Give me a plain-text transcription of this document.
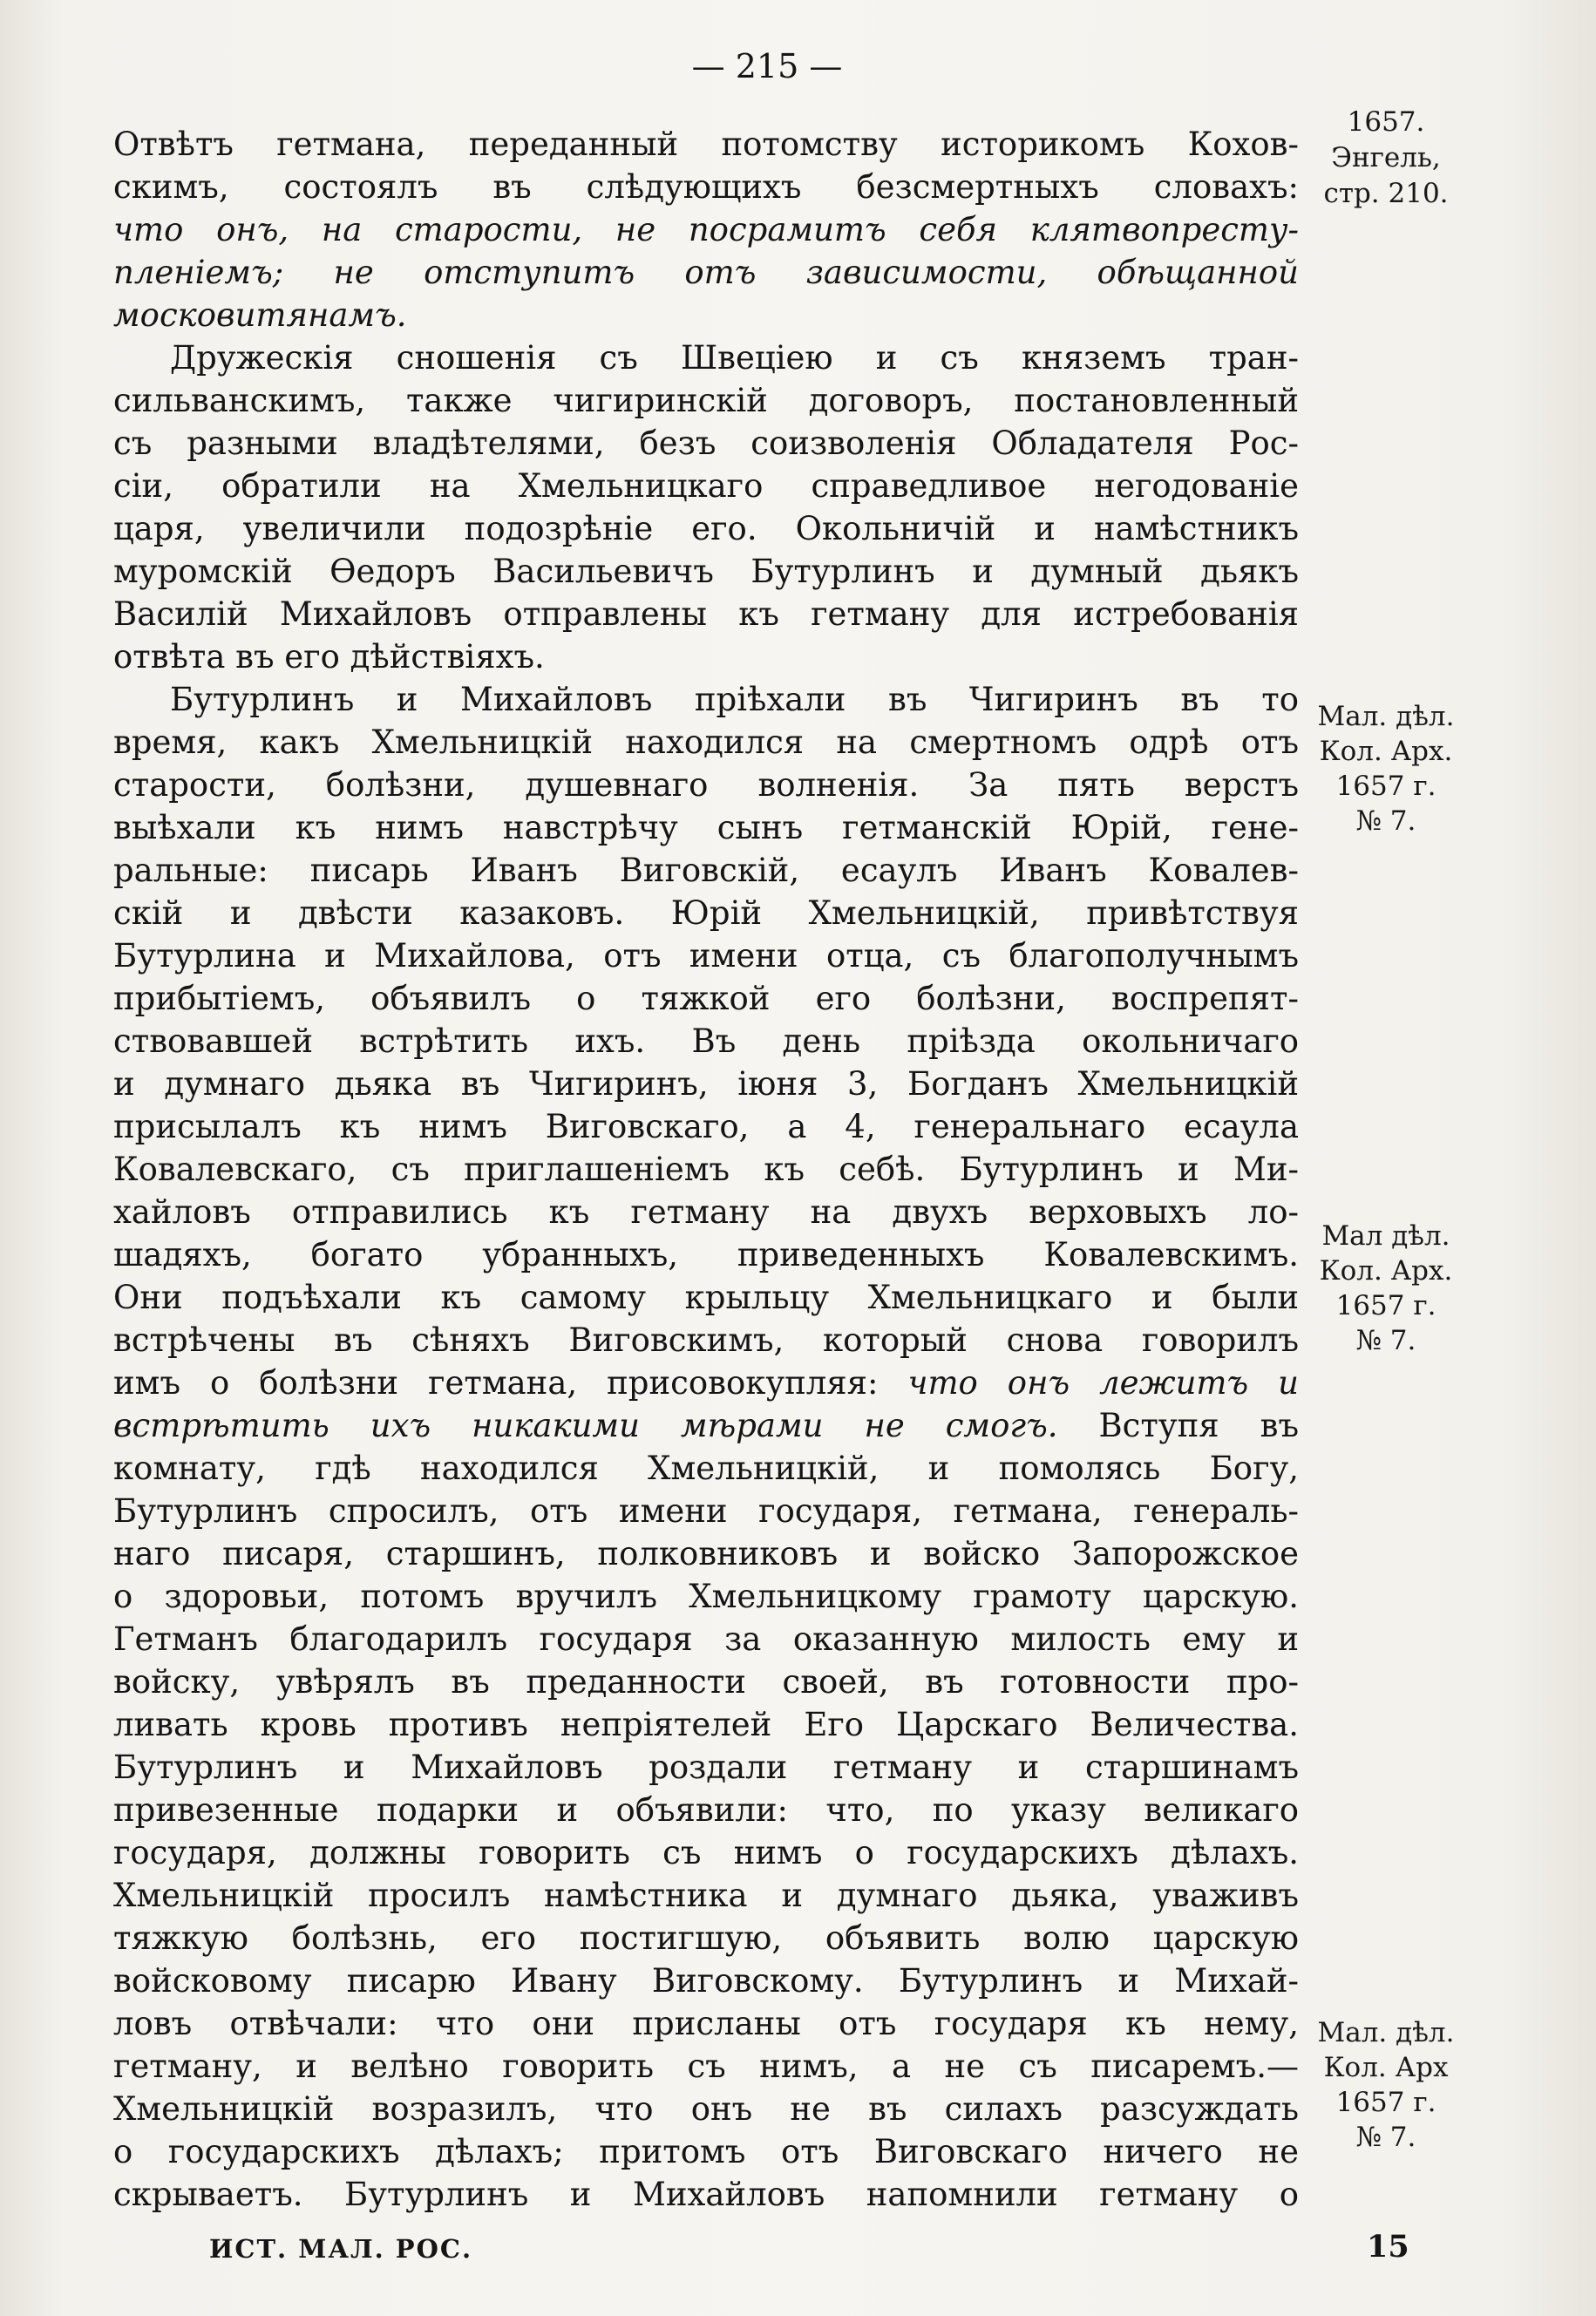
— 215 —
Отвѣтъ гетмана, переданный потомству историкомъ Кохов-
скимъ, состоялъ въ слѣдующихъ безсмертныхъ словахъ:
что онъ, на старости, не посрамитъ себя клятвопресту-
пленіемъ; не отступитъ отъ зависимости, обѣщанной
московитянамъ.
Дружескія сношенія съ Швеціею и съ княземъ тран-
сильванскимъ, также чигиринскій договоръ, постановленный
съ разными владѣтелями, безъ соизволенія Обладателя Рос-
сіи, обратили на Хмельницкаго справедливое негодованіе
царя, увеличили подозрѣніе его. Окольничій и намѣстникъ
муромскій Ѳедоръ Васильевичъ Бутурлинъ и думный дьякъ
Василій Михайловъ отправлены къ гетману для истребованія
отвѣта въ его дѣйствіяхъ.
Бутурлинъ и Михайловъ пріѣхали въ Чигиринъ въ то
время, какъ Хмельницкій находился на смертномъ одрѣ отъ
старости, болѣзни, душевнаго волненія. За пять верстъ
выѣхали къ нимъ навстрѣчу сынъ гетманскій Юрій, гене-
ральные: писарь Иванъ Виговскій, есаулъ Иванъ Ковалев-
скій и двѣсти казаковъ. Юрій Хмельницкій, привѣтствуя
Бутурлина и Михайлова, отъ имени отца, съ благополучнымъ
прибытіемъ, объявилъ о тяжкой его болѣзни, воспрепят-
ствовавшей встрѣтить ихъ. Въ день пріѣзда окольничаго
и думнаго дьяка въ Чигиринъ, іюня 3, Богданъ Хмельницкій
присылалъ къ нимъ Виговскаго, а 4, генеральнаго есаула
Ковалевскаго, съ приглашеніемъ къ себѣ. Бутурлинъ и Ми-
хайловъ отправились къ гетману на двухъ верховыхъ ло-
шадяхъ, богато убранныхъ, приведенныхъ Ковалевскимъ.
Они подъѣхали къ самому крыльцу Хмельницкаго и были
встрѣчены въ сѣняхъ Виговскимъ, который снова говорилъ
имъ о болѣзни гетмана, присовокупляя: что онъ лежитъ и
встрѣтить ихъ никакими мѣрами не смогъ. Вступя въ
комнату, гдѣ находился Хмельницкій, и помолясь Богу,
Бутурлинъ спросилъ, отъ имени государя, гетмана, генераль-
наго писаря, старшинъ, полковниковъ и войско Запорожское
о здоровьи, потомъ вручилъ Хмельницкому грамоту царскую.
Гетманъ благодарилъ государя за оказанную милость ему и
войску, увѣрялъ въ преданности своей, въ готовности про-
ливать кровь противъ непріятелей Его Царскаго Величества.
Бутурлинъ и Михайловъ роздали гетману и старшинамъ
привезенные подарки и объявили: что, по указу великаго
государя, должны говорить съ нимъ о государскихъ дѣлахъ.
Хмельницкій просилъ намѣстника и думнаго дьяка, уваживъ
тяжкую болѣзнь, его постигшую, объявить волю царскую
войсковому писарю Ивану Виговскому. Бутурлинъ и Михай-
ловъ отвѣчали: что они присланы отъ государя къ нему,
гетману, и велѣно говорить съ нимъ, а не съ писаремъ.—
Хмельницкій возразилъ, что онъ не въ силахъ разсуждать
о государскихъ дѣлахъ; притомъ отъ Виговскаго ничего не
скрываетъ. Бутурлинъ и Михайловъ напомнили гетману о
1657.
Энгель,
стр. 210.
Мал. дѣл.
Кол. Арх.
1657 г.
№ 7.
Мал дѣл.
Кол. Арх.
1657 г.
№ 7.
Мал. дѣл.
Кол. Арх
1657 г.
№ 7.
ИСТ. МАЛ. РОС.	15
